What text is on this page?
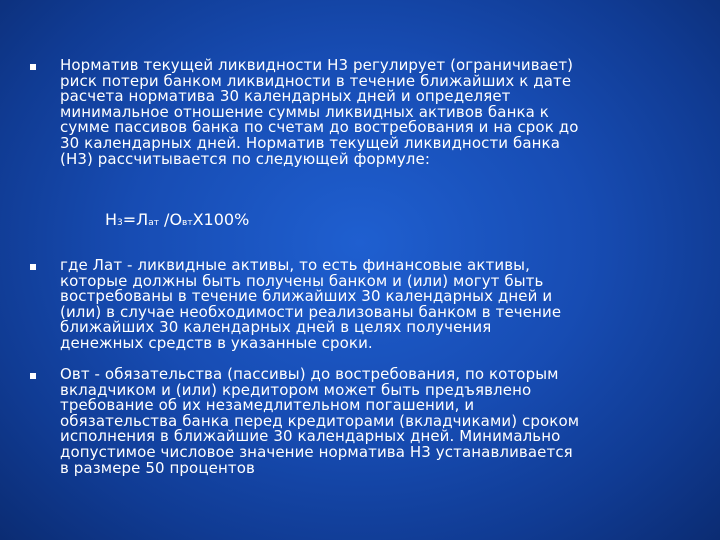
Норматив текущей ликвидности Н3 регулирует (ограничивает)
риск потери банком ликвидности в течение ближайших к дате
расчета норматива 30 календарных дней и определяет
минимальное отношение суммы ликвидных активов банка к
сумме пассивов банка по счетам до востребования и на срок до
30 календарных дней. Норматив текущей ликвидности банка
(Н3) рассчитывается по следующей формуле:
Н3=Лат /ОвтХ100%
где Лат - ликвидные активы, то есть финансовые активы,
которые должны быть получены банком и (или) могут быть
востребованы в течение ближайших 30 календарных дней и
(или) в случае необходимости реализованы банком в течение
ближайших 30 календарных дней в целях получения
денежных средств в указанные сроки.
Овт - обязательства (пассивы) до востребования, по которым
вкладчиком и (или) кредитором может быть предъявлено
требование об их незамедлительном погашении, и
обязательства банка перед кредиторами (вкладчиками) сроком
исполнения в ближайшие 30 календарных дней. Минимально
допустимое числовое значение норматива Н3 устанавливается
в размере 50 процентов
